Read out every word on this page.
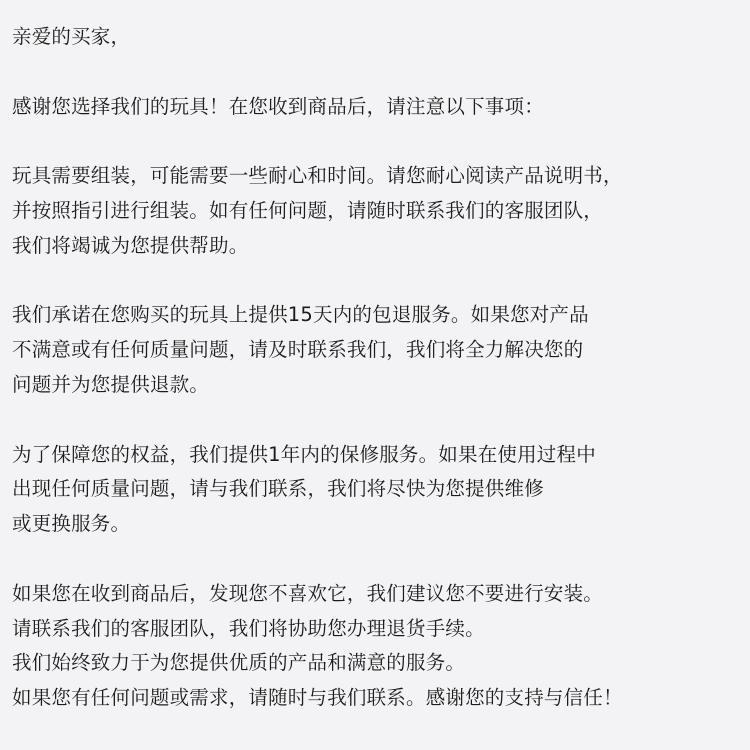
亲爱的买家，
感谢您选择我们的玩具！在您收到商品后，请注意以下事项：
玩具需要组装，可能需要一些耐心和时间。请您耐心阅读产品说明书，
并按照指引进行组装。如有任何问题，请随时联系我们的客服团队，
我们将竭诚为您提供帮助。
我们承诺在您购买的玩具上提供15天内的包退服务。如果您对产品
不满意或有任何质量问题，请及时联系我们，我们将全力解决您的
问题并为您提供退款。
为了保障您的权益，我们提供1年内的保修服务。如果在使用过程中
出现任何质量问题，请与我们联系，我们将尽快为您提供维修
或更换服务。
如果您在收到商品后，发现您不喜欢它，我们建议您不要进行安装。
请联系我们的客服团队，我们将协助您办理退货手续。
我们始终致力于为您提供优质的产品和满意的服务。
如果您有任何问题或需求，请随时与我们联系。感谢您的支持与信任！
